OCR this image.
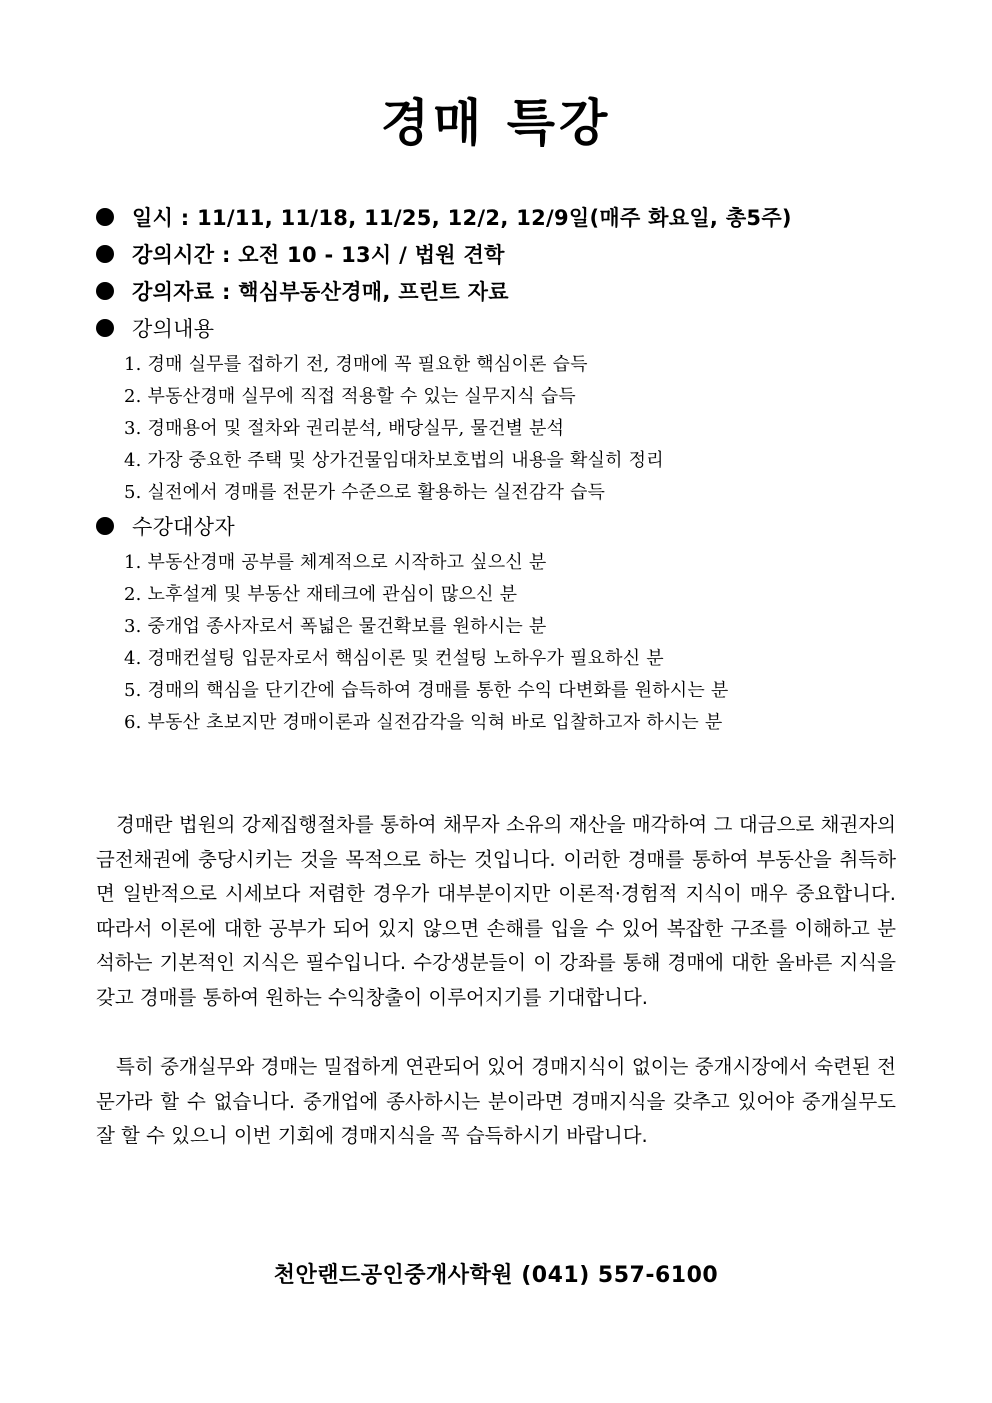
경매 특강
일시 : 11/11, 11/18, 11/25, 12/2, 12/9일(매주 화요일, 총5주)
강의시간 : 오전 10 - 13시 / 법원 견학
강의자료 : 핵심부동산경매, 프린트 자료
강의내용
1. 경매 실무를 접하기 전, 경매에 꼭 필요한 핵심이론 습득
2. 부동산경매 실무에 직접 적용할 수 있는 실무지식 습득
3. 경매용어 및 절차와 권리분석, 배당실무, 물건별 분석
4. 가장 중요한 주택 및 상가건물임대차보호법의 내용을 확실히 정리
5. 실전에서 경매를 전문가 수준으로 활용하는 실전감각 습득
수강대상자
1. 부동산경매 공부를 체계적으로 시작하고 싶으신 분
2. 노후설계 및 부동산 재테크에 관심이 많으신 분
3. 중개업 종사자로서 폭넓은 물건확보를 원하시는 분
4. 경매컨설팅 입문자로서 핵심이론 및 컨설팅 노하우가 필요하신 분
5. 경매의 핵심을 단기간에 습득하여 경매를 통한 수익 다변화를 원하시는 분
6. 부동산 초보지만 경매이론과 실전감각을 익혀 바로 입찰하고자 하시는 분

경매란 법원의 강제집행절차를 통하여 채무자 소유의 재산을 매각하여 그 대금으로 채권자의 금전채권에 충당시키는 것을 목적으로 하는 것입니다. 이러한 경매를 통하여 부동산을 취득하면 일반적으로 시세보다 저렴한 경우가 대부분이지만 이론적·경험적 지식이 매우 중요합니다. 따라서 이론에 대한 공부가 되어 있지 않으면 손해를 입을 수 있어 복잡한 구조를 이해하고 분석하는 기본적인 지식은 필수입니다. 수강생분들이 이 강좌를 통해 경매에 대한 올바른 지식을 갖고 경매를 통하여 원하는 수익창출이 이루어지기를 기대합니다.

특히 중개실무와 경매는 밀접하게 연관되어 있어 경매지식이 없이는 중개시장에서 숙련된 전문가라 할 수 없습니다. 중개업에 종사하시는 분이라면 경매지식을 갖추고 있어야 중개실무도 잘 할 수 있으니 이번 기회에 경매지식을 꼭 습득하시기 바랍니다.

천안랜드공인중개사학원 (041) 557-6100
